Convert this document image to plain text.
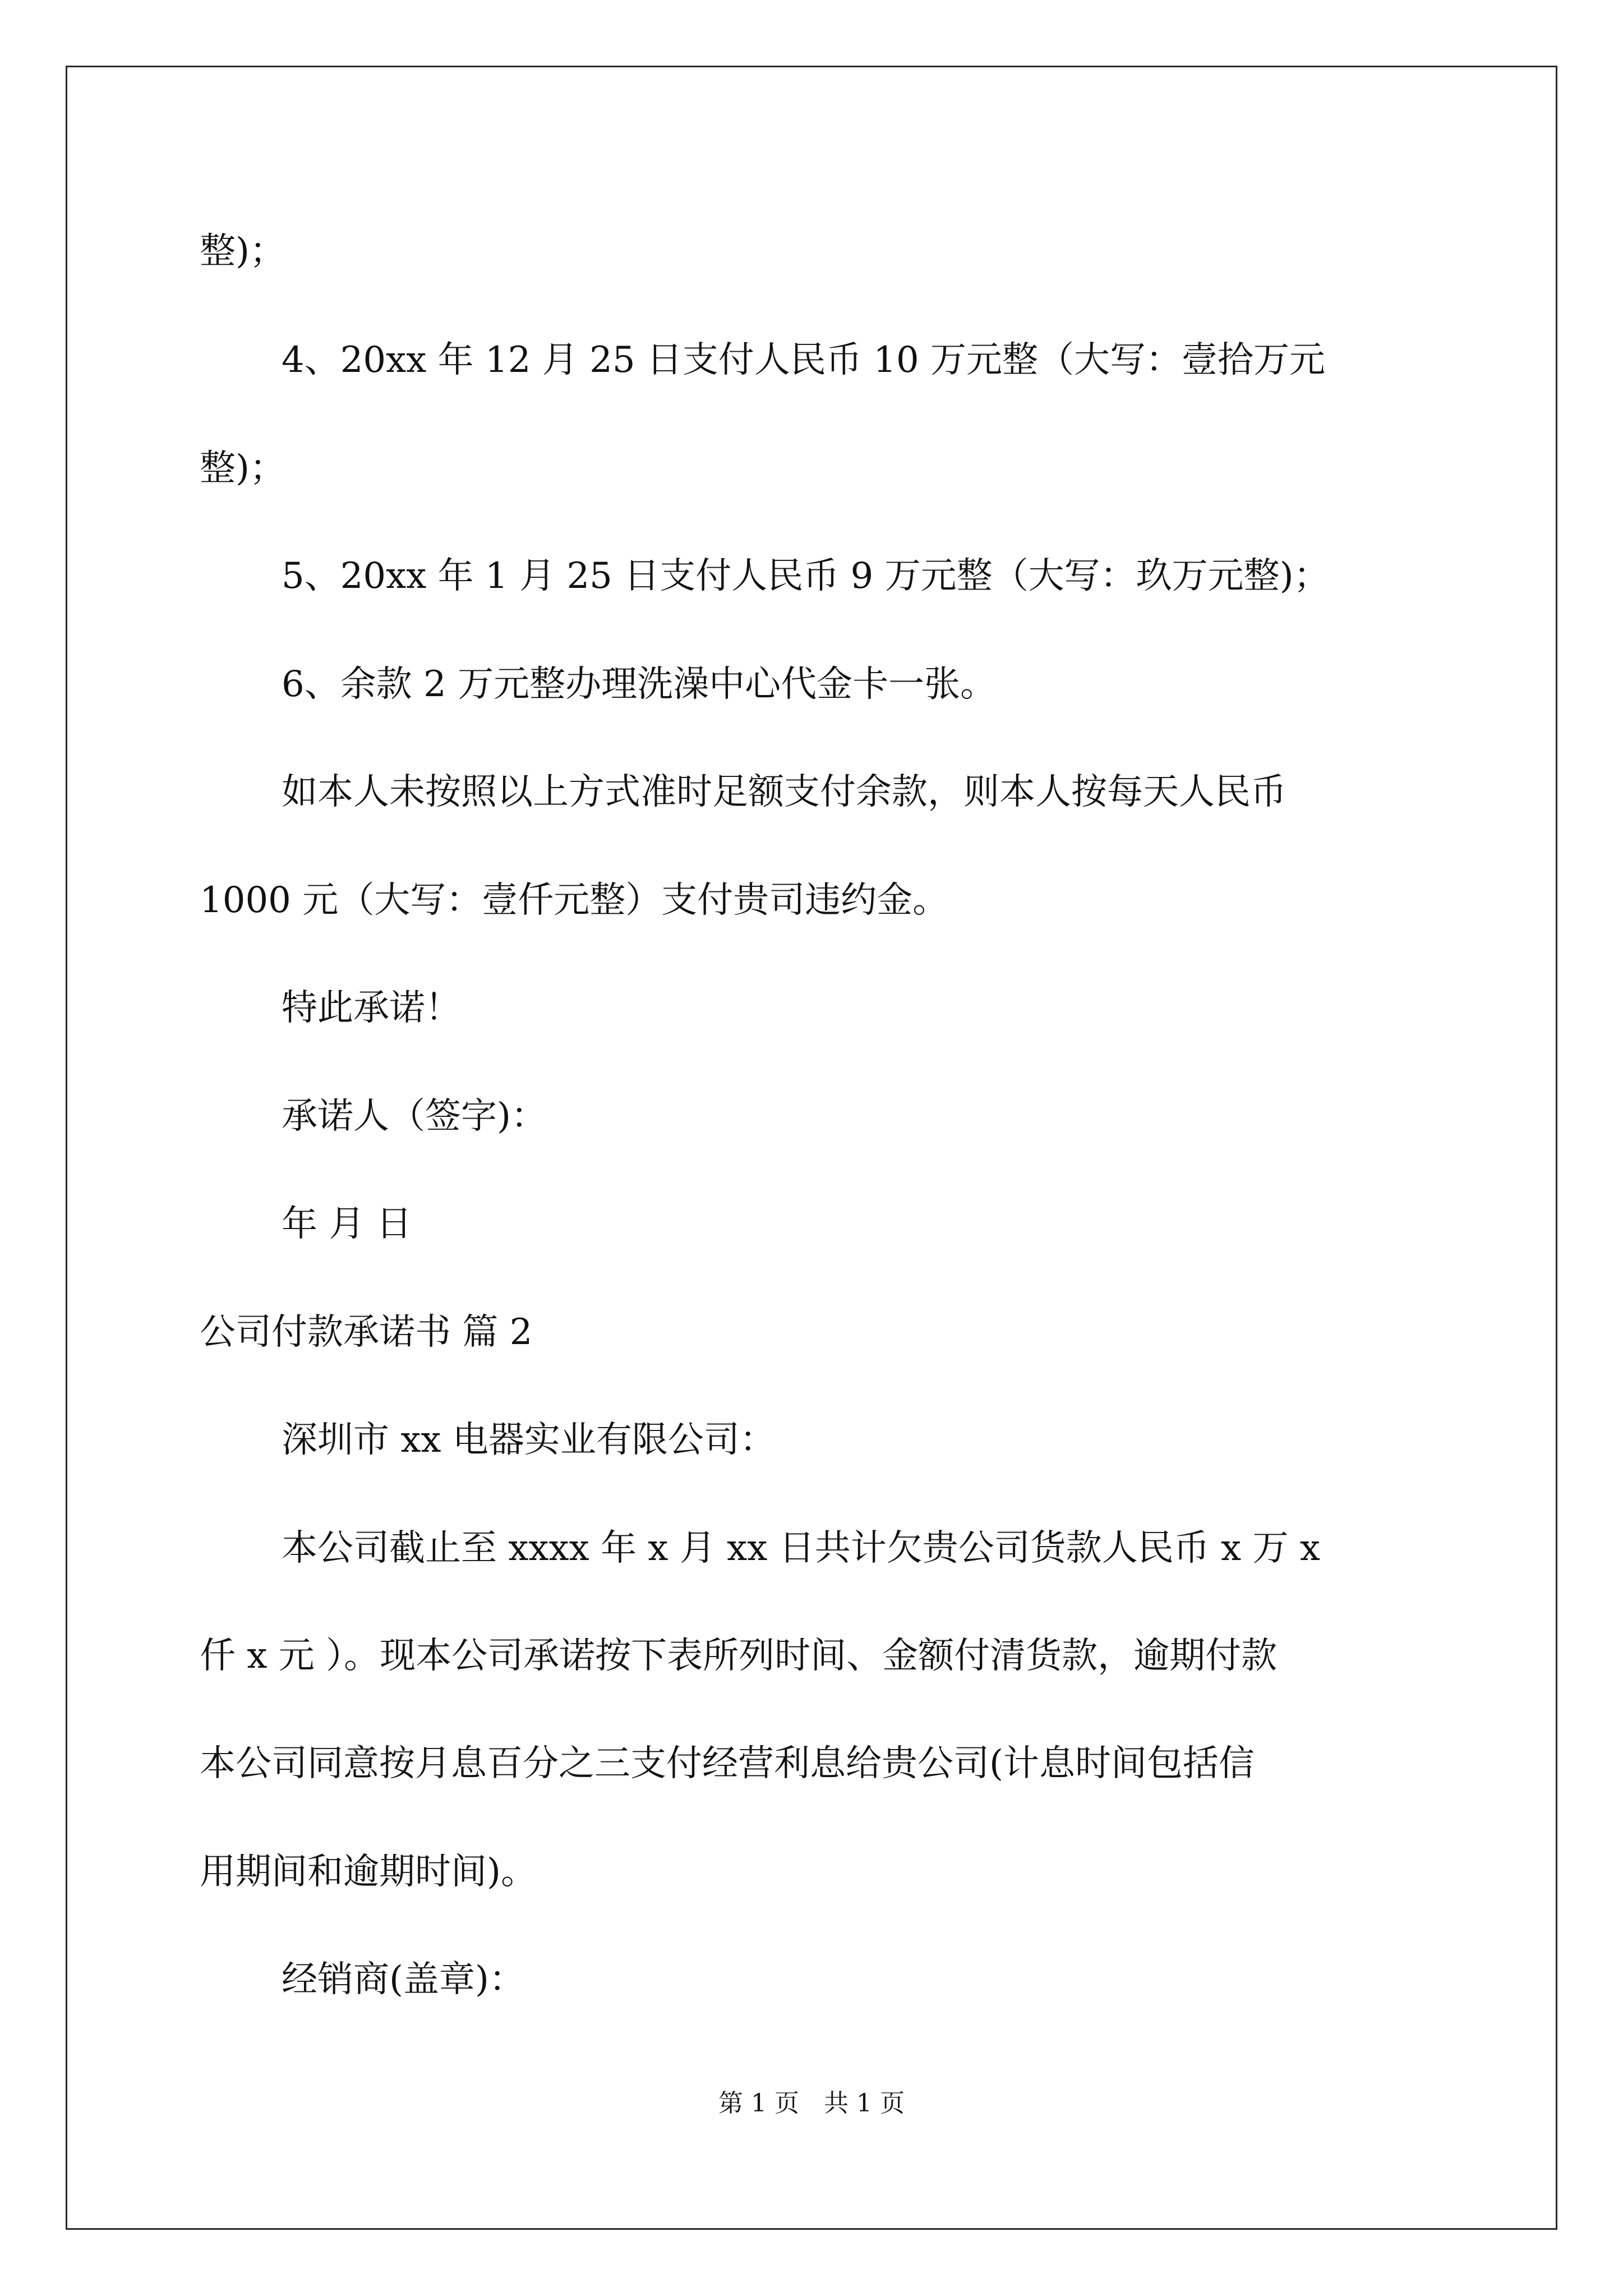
整)；

4、20xx 年 12 月 25 日支付人民币 10 万元整（大写：壹拾万元

整)；

5、20xx 年 1 月 25 日支付人民币 9 万元整（大写：玖万元整)；

6、余款 2 万元整办理洗澡中心代金卡一张。

如本人未按照以上方式准时足额支付余款，则本人按每天人民币

1000 元（大写：壹仟元整）支付贵司违约金。

特此承诺！

承诺人（签字)：

年 月 日

公司付款承诺书 篇 2

深圳市 xx 电器实业有限公司：

本公司截止至 xxxx 年 x 月 xx 日共计欠贵公司货款人民币 x 万 x

仟 x 元 ）。现本公司承诺按下表所列时间、金额付清货款，逾期付款

本公司同意按月息百分之三支付经营利息给贵公司(计息时间包括信

用期间和逾期时间)。

经销商(盖章)：

第 1 页　共 1 页
